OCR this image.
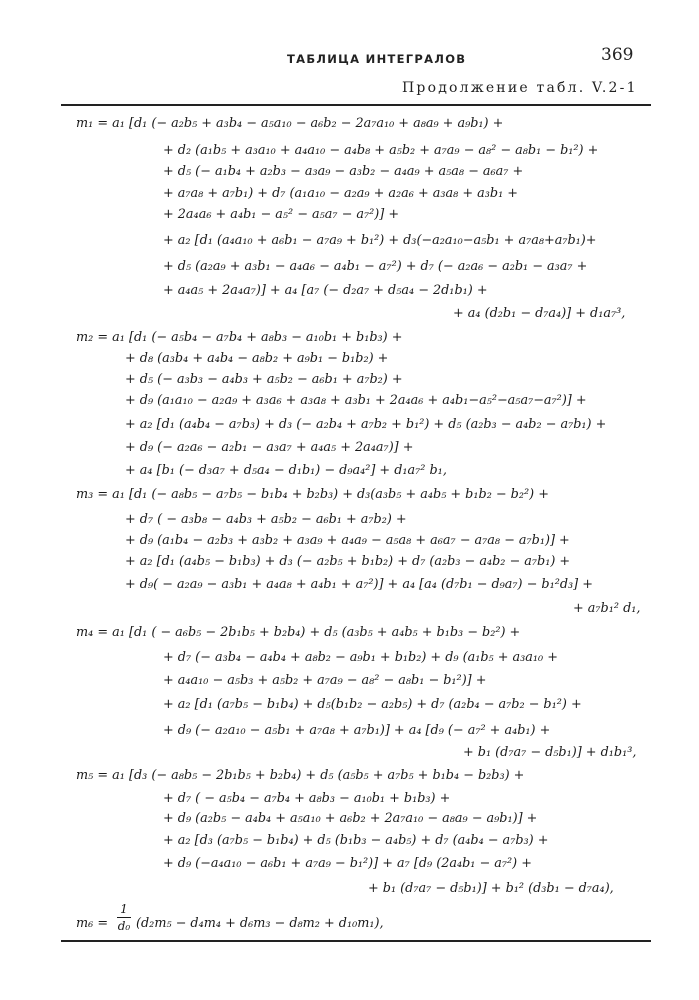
ТАБЛИЦА ИНТЕГРАЛОВ	369
Продолжение табл. V.2-1
m₁ = a₁ [d₁ (− a₂b₅ + a₃b₄ − a₅a₁₀ − a₆b₂ − 2a₇a₁₀ + a₈a₉ + a₉b₁) +
+ d₂ (a₁b₅ + a₃a₁₀ + a₄a₁₀ − a₄b₈ + a₅b₂ + a₇a₉ − a₈² − a₈b₁ − b₁²) +
+ d₅ (− a₁b₄ + a₂b₃ − a₃a₉ − a₃b₂ − a₄a₉ + a₅a₈ − a₆a₇ +
+ a₇a₈ + a₇b₁) + d₇ (a₁a₁₀ − a₂a₉ + a₂a₆ + a₃a₈ + a₃b₁ +
+ 2a₄a₆ + a₄b₁ − a₅² − a₅a₇ − a₇²)] +
+ a₂ [d₁ (a₄a₁₀ + a₆b₁ − a₇a₉ + b₁²) + d₃(−a₂a₁₀−a₅b₁ + a₇a₈+a₇b₁)+
+ d₅ (a₂a₉ + a₃b₁ − a₄a₆ − a₄b₁ − a₇²) + d₇ (− a₂a₆ − a₂b₁ − a₃a₇ +
+ a₄a₅ + 2a₄a₇)] + a₄ [a₇ (− d₂a₇ + d₅a₄ − 2d₁b₁) +
+ a₄ (d₂b₁ − d₇a₄)] + d₁a₇³,
m₂ = a₁ [d₁ (− a₅b₄ − a₇b₄ + a₈b₃ − a₁₀b₁ + b₁b₃) +
+ d₈ (a₃b₄ + a₄b₄ − a₈b₂ + a₉b₁ − b₁b₂) +
+ d₅ (− a₃b₃ − a₄b₃ + a₅b₂ − a₆b₁ + a₇b₂) +
+ d₉ (a₁a₁₀ − a₂a₉ + a₃a₆ + a₃a₈ + a₃b₁ + 2a₄a₆ + a₄b₁−a₅²−a₅a₇−a₇²)] +
+ a₂ [d₁ (a₄b₄ − a₇b₃) + d₃ (− a₂b₄ + a₇b₂ + b₁²) + d₅ (a₂b₃ − a₄b₂ − a₇b₁) +
+ d₉ (− a₂a₆ − a₂b₁ − a₃a₇ + a₄a₅ + 2a₄a₇)] +
+ a₄ [b₁ (− d₃a₇ + d₅a₄ − d₁b₁) − d₉a₄²] + d₁a₇² b₁,
m₃ = a₁ [d₁ (− a₈b₅ − a₇b₅ − b₁b₄ + b₂b₃) + d₃(a₃b₅ + a₄b₅ + b₁b₂ − b₂²) +
+ d₇ ( − a₃b₈ − a₄b₃ + a₅b₂ − a₆b₁ + a₇b₂) +
+ d₉ (a₁b₄ − a₂b₃ + a₃b₂ + a₃a₉ + a₄a₉ − a₅a₈ + a₆a₇ − a₇a₈ − a₇b₁)] +
+ a₂ [d₁ (a₄b₅ − b₁b₃) + d₃ (− a₂b₅ + b₁b₂) + d₇ (a₂b₃ − a₄b₂ − a₇b₁) +
+ d₉( − a₂a₉ − a₃b₁ + a₄a₈ + a₄b₁ + a₇²)] + a₄ [a₄ (d₇b₁ − d₉a₇) − b₁²d₃] +
+ a₇b₁² d₁,
m₄ = a₁ [d₁ ( − a₆b₅ − 2b₁b₅ + b₂b₄) + d₅ (a₃b₅ + a₄b₅ + b₁b₃ − b₂²) +
+ d₇ (− a₃b₄ − a₄b₄ + a₈b₂ − a₉b₁ + b₁b₂) + d₉ (a₁b₅ + a₃a₁₀ +
+ a₄a₁₀ − a₅b₃ + a₅b₂ + a₇a₉ − a₈² − a₈b₁ − b₁²)] +
+ a₂ [d₁ (a₇b₅ − b₁b₄) + d₅(b₁b₂ − a₂b₅) + d₇ (a₂b₄ − a₇b₂ − b₁²) +
+ d₉ (− a₂a₁₀ − a₅b₁ + a₇a₈ + a₇b₁)] + a₄ [d₉ (− a₇² + a₄b₁) +
+ b₁ (d₇a₇ − d₅b₁)] + d₁b₁³,
m₅ = a₁ [d₃ (− a₈b₅ − 2b₁b₅ + b₂b₄) + d₅ (a₅b₅ + a₇b₅ + b₁b₄ − b₂b₃) +
+ d₇ ( − a₅b₄ − a₇b₄ + a₈b₃ − a₁₀b₁ + b₁b₃) +
+ d₉ (a₂b₅ − a₄b₄ + a₅a₁₀ + a₆b₂ + 2a₇a₁₀ − a₈a₉ − a₉b₁)] +
+ a₂ [d₃ (a₇b₅ − b₁b₄) + d₅ (b₁b₃ − a₄b₅) + d₇ (a₄b₄ − a₇b₃) +
+ d₉ (−a₄a₁₀ − a₆b₁ + a₇a₉ − b₁²)] + a₇ [d₉ (2a₄b₁ − a₇²) +
+ b₁ (d₇a₇ − d₅b₁)] + b₁² (d₃b₁ − d₇a₄),
m₆ =
1
d₀ (d₂m₅ − d₄m₄ + d₆m₃ − d₈m₂ + d₁₀m₁),
